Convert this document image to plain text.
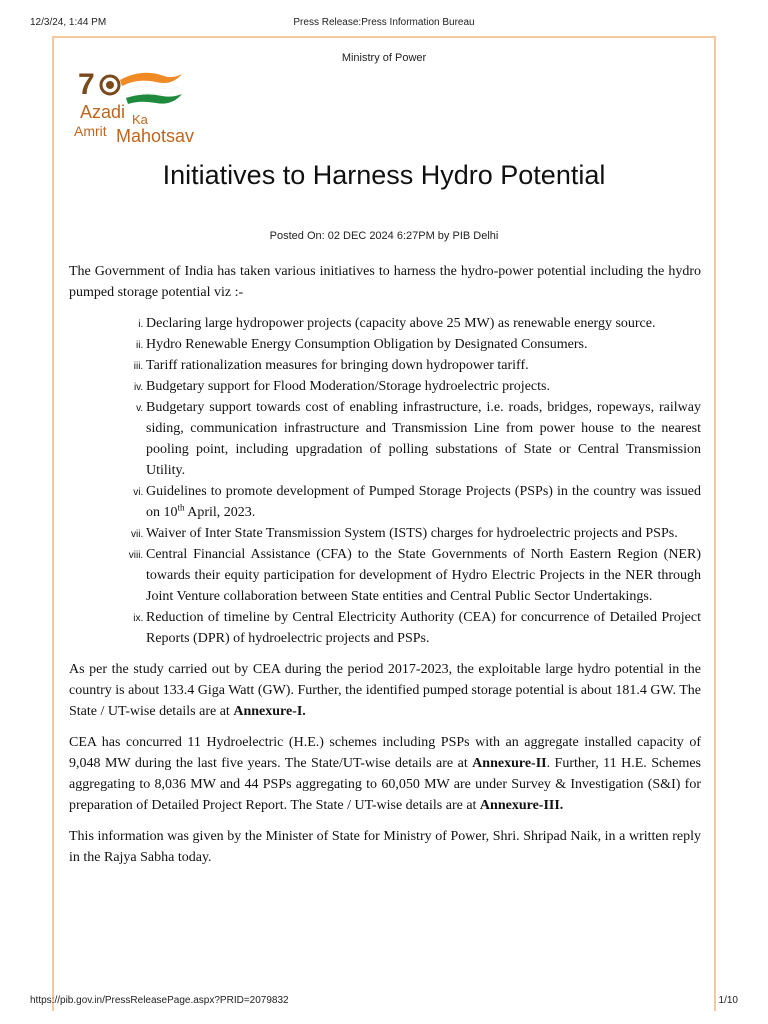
12/3/24, 1:44 PM	Press Release:Press Information Bureau
Ministry of Power
7
Azadi Ka
Amrit Mahotsav
Initiatives to Harness Hydro Potential
Posted On: 02 DEC 2024 6:27PM by PIB Delhi

The Government of India has taken various initiatives to harness the hydro-power potential including the hydro pumped storage potential viz :-

i. Declaring large hydropower projects (capacity above 25 MW) as renewable energy source.
ii. Hydro Renewable Energy Consumption Obligation by Designated Consumers.
iii. Tariff rationalization measures for bringing down hydropower tariff.
iv. Budgetary support for Flood Moderation/Storage hydroelectric projects.
v. Budgetary support towards cost of enabling infrastructure, i.e. roads, bridges, ropeways, railway siding, communication infrastructure and Transmission Line from power house to the nearest pooling point, including upgradation of polling substations of State or Central Transmission Utility.
vi. Guidelines to promote development of Pumped Storage Projects (PSPs) in the country was issued on 10th April, 2023.
vii. Waiver of Inter State Transmission System (ISTS) charges for hydroelectric projects and PSPs.
viii. Central Financial Assistance (CFA) to the State Governments of North Eastern Region (NER) towards their equity participation for development of Hydro Electric Projects in the NER through Joint Venture collaboration between State entities and Central Public Sector Undertakings.
ix. Reduction of timeline by Central Electricity Authority (CEA) for concurrence of Detailed Project Reports (DPR) of hydroelectric projects and PSPs.

As per the study carried out by CEA during the period 2017-2023, the exploitable large hydro potential in the country is about 133.4 Giga Watt (GW). Further, the identified pumped storage potential is about 181.4 GW. The State / UT-wise details are at Annexure-I.

CEA has concurred 11 Hydroelectric (H.E.) schemes including PSPs with an aggregate installed capacity of 9,048 MW during the last five years. The State/UT-wise details are at Annexure-II. Further, 11 H.E. Schemes aggregating to 8,036 MW and 44 PSPs aggregating to 60,050 MW are under Survey & Investigation (S&I) for preparation of Detailed Project Report. The State / UT-wise details are at Annexure-III.

This information was given by the Minister of State for Ministry of Power, Shri. Shripad Naik, in a written reply in the Rajya Sabha today.

https://pib.gov.in/PressReleasePage.aspx?PRID=2079832	1/10
